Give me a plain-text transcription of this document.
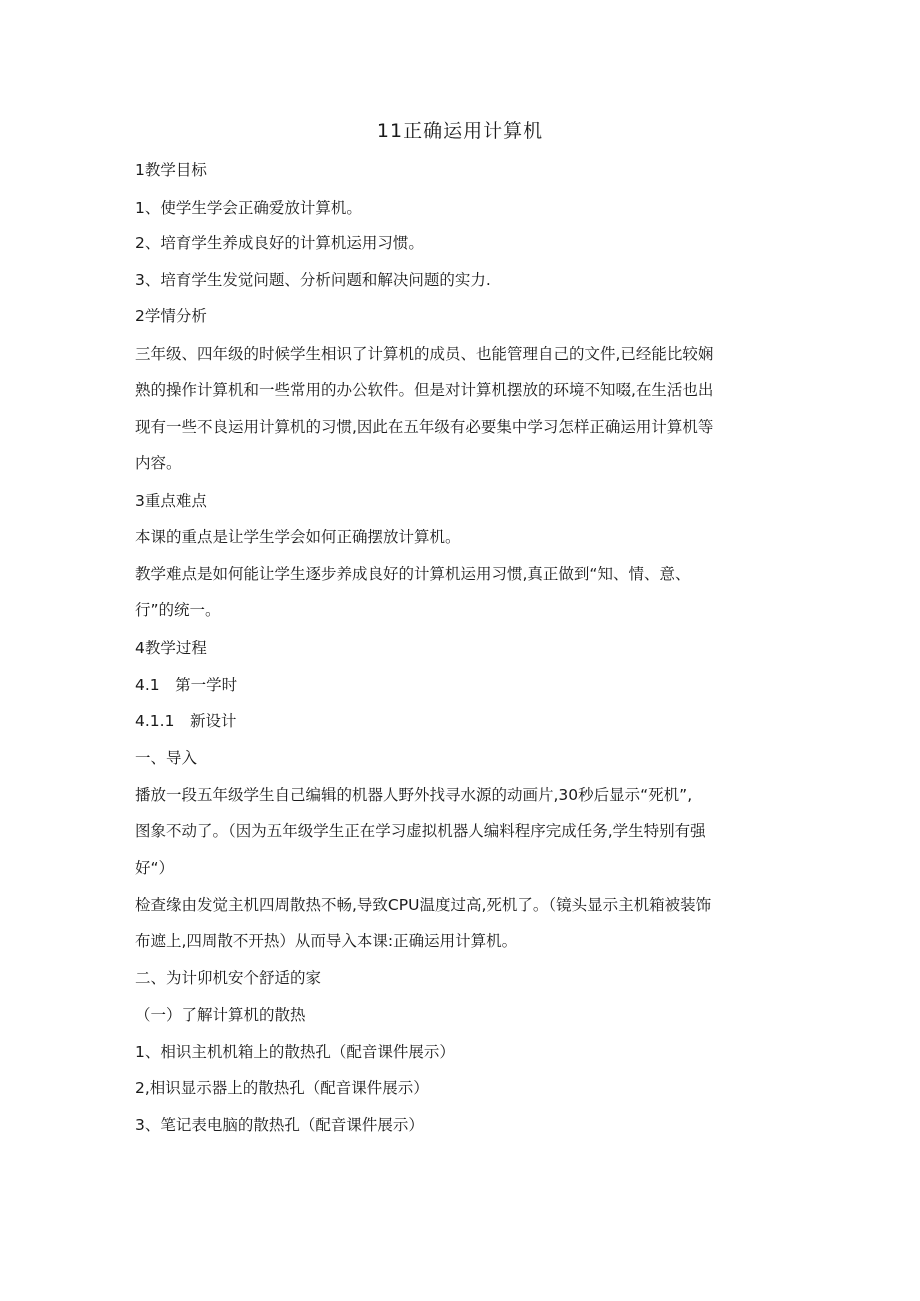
11正确运用计算机
1教学目标
1、使学生学会正确爱放计算机。
2、培育学生养成良好的计算机运用习惯。
3、培育学生发觉问题、分析问题和解决问题的实力.
2学情分析
三年级、四年级的时候学生相识了计算机的成员、也能管理自己的文件,已经能比较娴
熟的操作计算机和一些常用的办公软件。但是对计算机摆放的环境不知啜,在生活也出
现有一些不良运用计算机的习惯,因此在五年级有必要集中学习怎样正确运用计算机等
内容。
3重点难点
本课的重点是让学生学会如何正确摆放计算机。
教学难点是如何能让学生逐步养成良好的计算机运用习惯,真正做到“知、情、意、
行”的统一。
4教学过程
4.1　第一学时
4.1.1　新设计
一、导入
播放一段五年级学生自己编辑的机器人野外找寻水源的动画片,30秒后显示“死机”,
图象不动了。（因为五年级学生正在学习虚拟机器人编料程序完成任务,学生特别有强
好“）
检查缘由发觉主机四周散热不畅,导致CPU温度过高,死机了。（镜头显示主机箱被装饰
布遮上,四周散不开热）从而导入本课:正确运用计算机。
二、为计卯机安个舒适的家
（一）了解计算机的散热
1、相识主机机箱上的散热孔（配音课件展示）
2,相识显示器上的散热孔（配音课件展示）
3、笔记表电脑的散热孔（配音课件展示）
